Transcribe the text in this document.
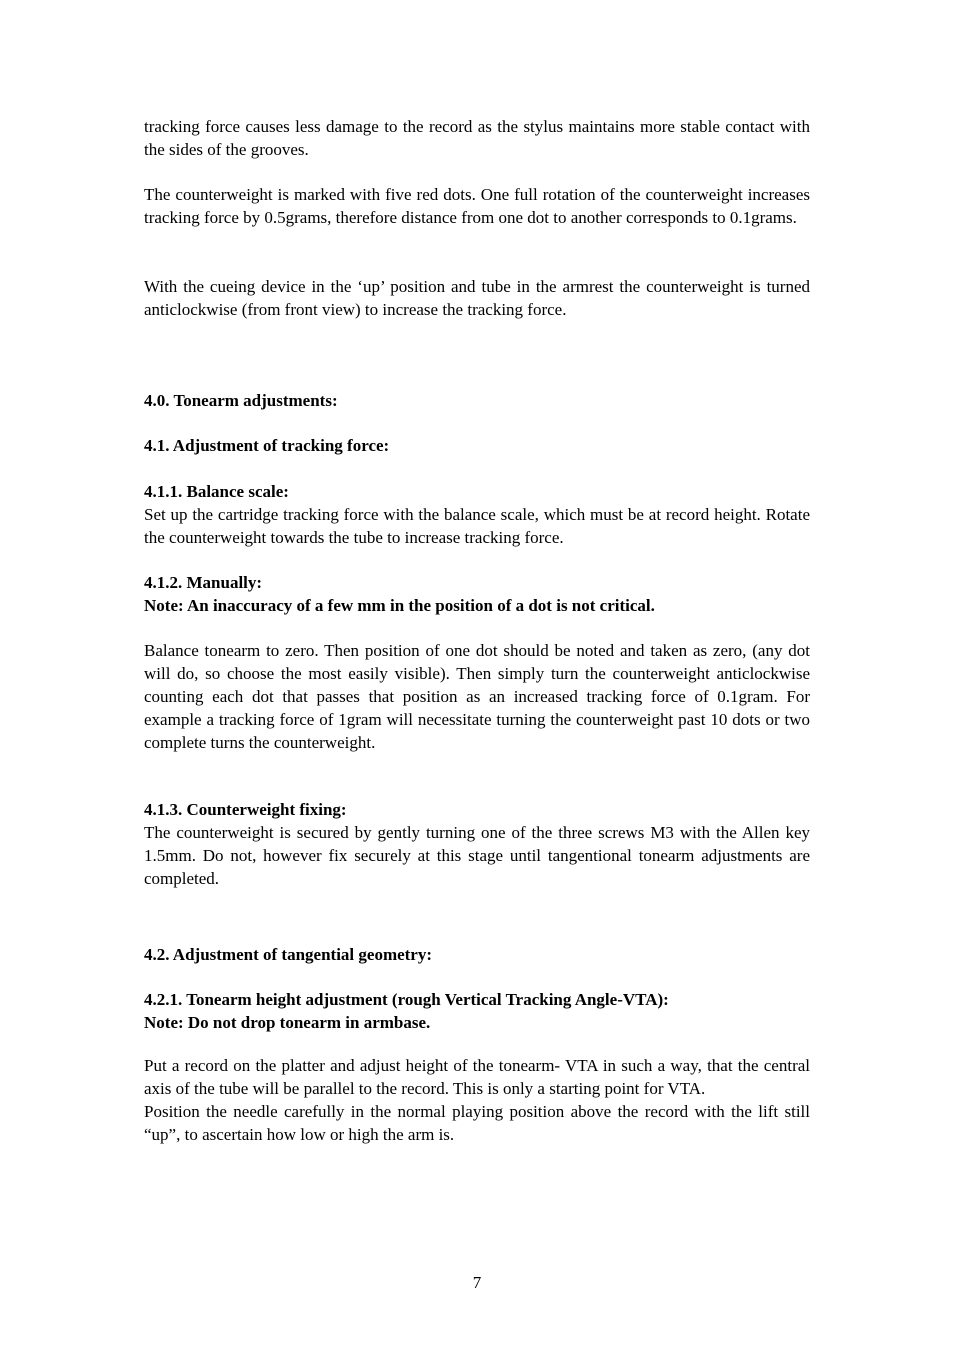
tracking force causes less damage to the record as the stylus maintains more stable contact with the sides of the grooves.

The counterweight is marked with five red dots. One full rotation of the counterweight increases tracking force by 0.5grams, therefore distance from one dot to another corresponds to 0.1grams.

With the cueing device in the ‘up’ position and tube in the armrest the counterweight is turned anticlockwise (from front view) to increase the tracking force.

4.0. Tonearm adjustments:

4.1. Adjustment of tracking force:

4.1.1. Balance scale:

Set up the cartridge tracking force with the balance scale, which must be at record height. Rotate the counterweight towards the tube to increase tracking force.

4.1.2. Manually:

Note: An inaccuracy of a few mm in the position of a dot is not critical.

Balance tonearm to zero. Then position of one dot should be noted and taken as zero, (any dot will do, so choose the most easily visible). Then simply turn the counterweight anticlockwise counting each dot that passes that position as an increased tracking force of 0.1gram. For example a tracking force of 1gram will necessitate turning the counterweight past 10 dots or two complete turns the counterweight.

4.1.3. Counterweight fixing:

The counterweight is secured by gently turning one of the three screws M3 with the Allen key 1.5mm. Do not, however fix securely at this stage until tangentional tonearm adjustments are completed.

4.2. Adjustment of tangential geometry:

4.2.1. Tonearm height adjustment (rough Vertical Tracking Angle-VTA):

Note: Do not drop tonearm in armbase.

Put a record on the platter and adjust height of the tonearm- VTA in such a way, that the central axis of the tube will be parallel to the record. This is only a starting point for VTA.

Position the needle carefully in the normal playing position above the record with the lift still “up”, to ascertain how low or high the arm is.

7
